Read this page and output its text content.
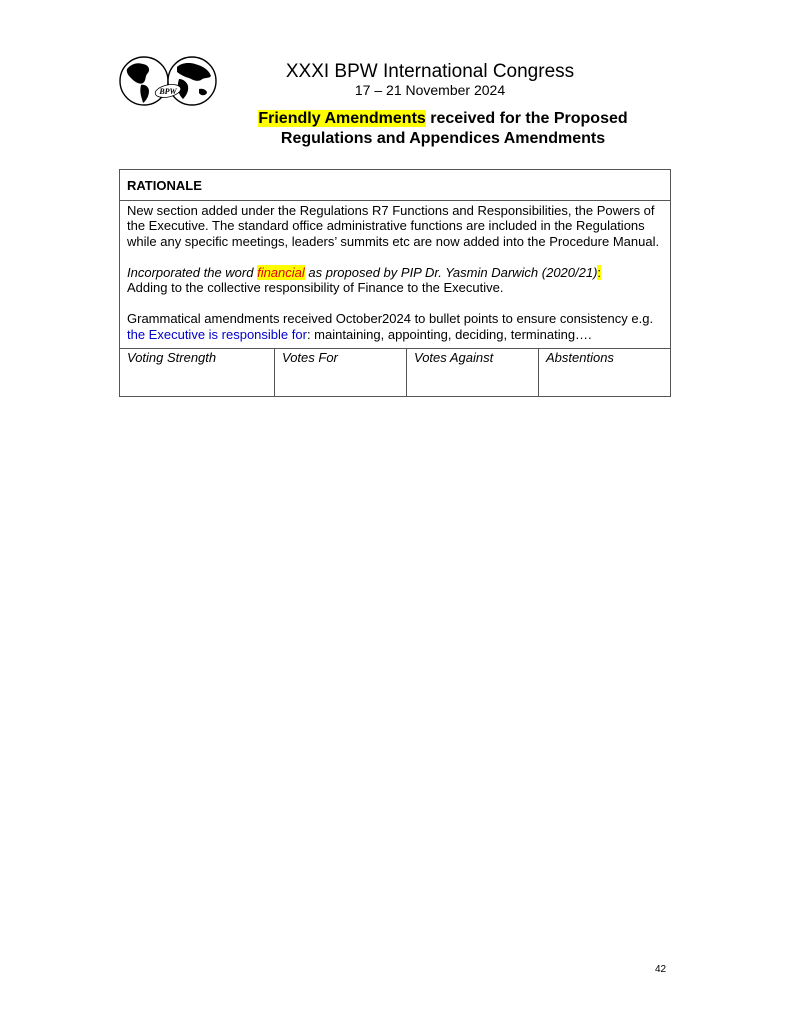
BPW
XXXI BPW International Congress
17 – 21 November 2024
Friendly Amendments received for the Proposed
Regulations and Appendices Amendments
RATIONALE

New section added under the Regulations R7 Functions and Responsibilities, the Powers of the Executive. The standard office administrative functions are included in the Regulations while any specific meetings, leaders’ summits etc are now added into the Procedure Manual.

Incorporated the word financial as proposed by PIP Dr. Yasmin Darwich (2020/21):
Adding to the collective responsibility of Finance to the Executive.

Grammatical amendments received October2024 to bullet points to ensure consistency e.g. the Executive is responsible for: maintaining, appointing, deciding, terminating….

Voting Strength	Votes For	Votes Against	Abstentions
42
